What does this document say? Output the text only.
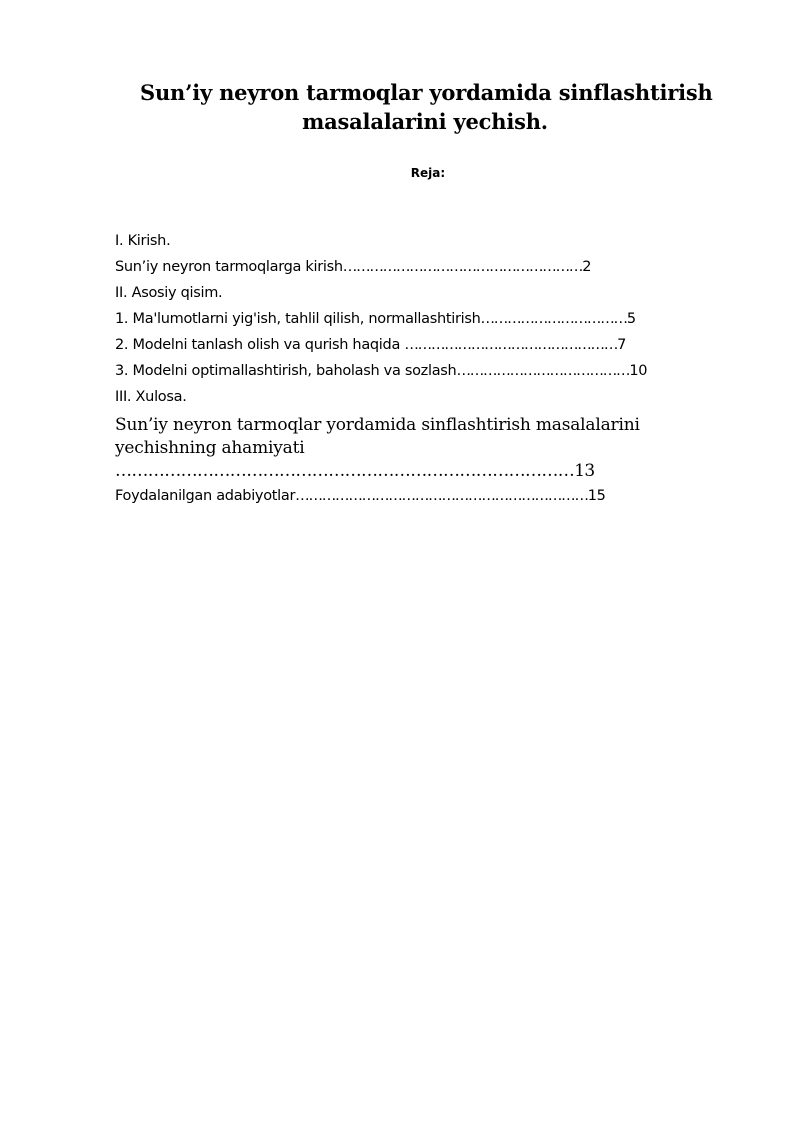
Sun’iy neyron tarmoqlar yordamida sinflashtirish
masalalarini yechish.
Reja:
I. Kirish.
Sun’iy neyron tarmoqlarga kirish………………………………………………2
II. Asosiy qisim.
1. Ma'lumotlarni yig'ish, tahlil qilish, normallashtirish……………………………5
2. Modelni tanlash olish va qurish haqida …………………………………………7
3. Modelni optimallashtirish, baholash va sozlash…………………………………10
III. Xulosa.
Sun’iy neyron tarmoqlar yordamida sinflashtirish masalalarini
yechishning ahamiyati
…………………………………………………………………………13
Foydalanilgan adabiyotlar…………………………………………………………15
